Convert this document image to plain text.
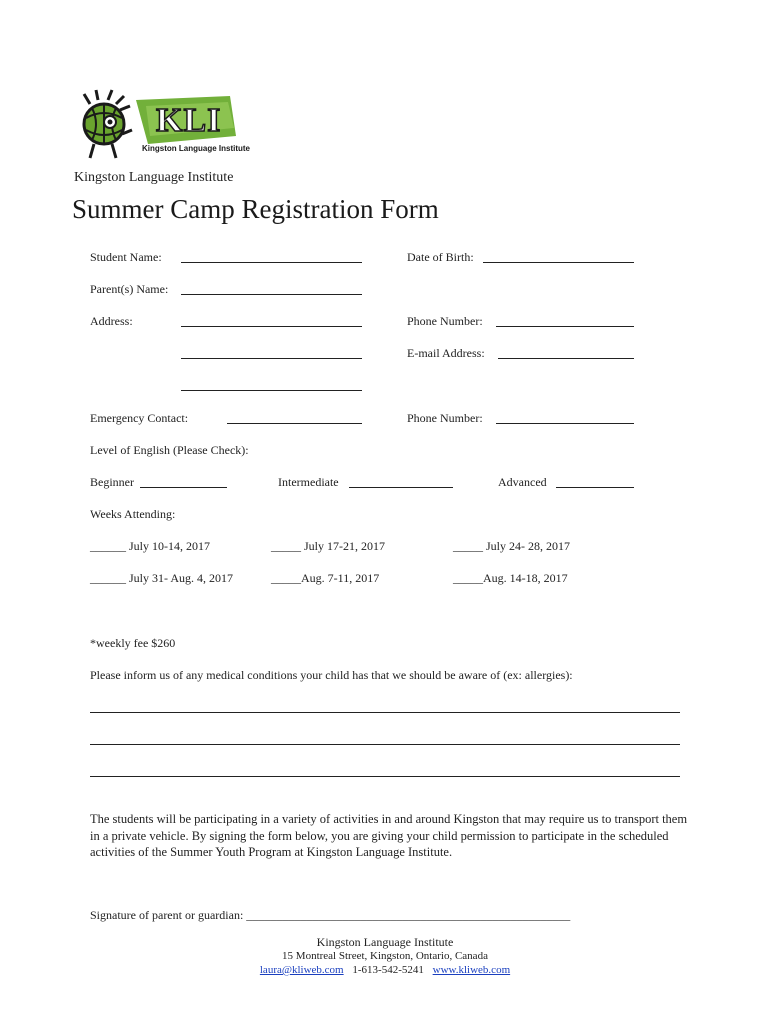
KLI
Kingston Language Institute
Kingston Language Institute
Summer Camp Registration Form
Student Name:	Date of Birth:
Parent(s) Name:
Address:	Phone Number:
E-mail Address:
Emergency Contact:	Phone Number:
Level of English (Please Check):
Beginner	Intermediate	Advanced
Weeks Attending:
______ July 10-14, 2017	_____ July 17-21, 2017	_____ July 24- 28, 2017
______ July 31- Aug. 4, 2017	_____Aug. 7-11, 2017	_____Aug. 14-18, 2017
*weekly fee $260
Please inform us of any medical conditions your child has that we should be aware of (ex: allergies):
The students will be participating in a variety of activities in and around Kingston that may require us to transport them in a private vehicle. By signing the form below, you are giving your child permission to participate in the scheduled activities of the Summer Youth Program at Kingston Language Institute.
Signature of parent or guardian: ______________________________________________________
Kingston Language Institute
15 Montreal Street, Kingston, Ontario, Canada
laura@kliweb.com 1-613-542-5241 www.kliweb.com
